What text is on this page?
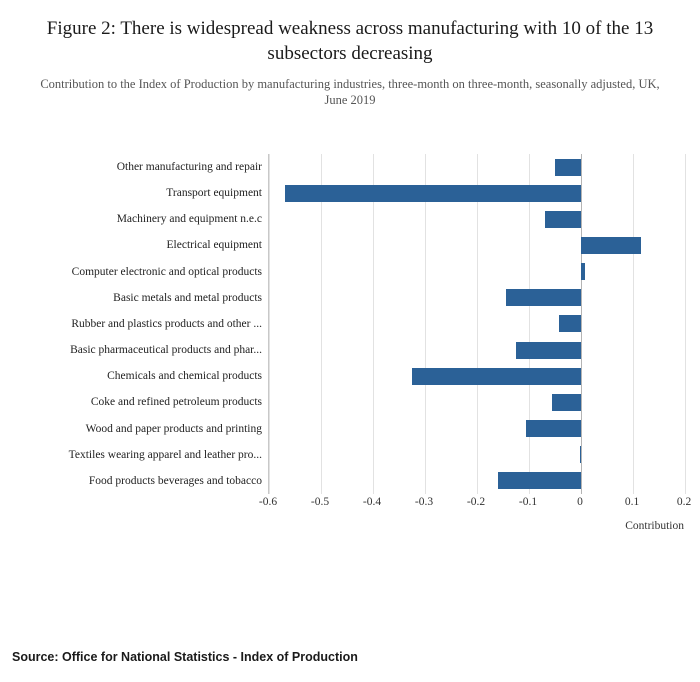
Figure 2: There is widespread weakness across manufacturing with 10 of the 13 subsectors decreasing
Contribution to the Index of Production by manufacturing industries, three-month on three-month, seasonally adjusted, UK, June 2019
Other manufacturing and repair
Transport equipment
Machinery and equipment n.e.c
Electrical equipment
Computer electronic and optical products
Basic metals and metal products
Rubber and plastics products and other ...
Basic pharmaceutical products and phar...
Chemicals and chemical products
Coke and refined petroleum products
Wood and paper products and printing
Textiles wearing apparel and leather pro...
Food products beverages and tobacco
Contribution
-0.6	-0.5	-0.4	-0.3	-0.2	-0.1	0	0.1	0.2
Source: Office for National Statistics - Index of Production
